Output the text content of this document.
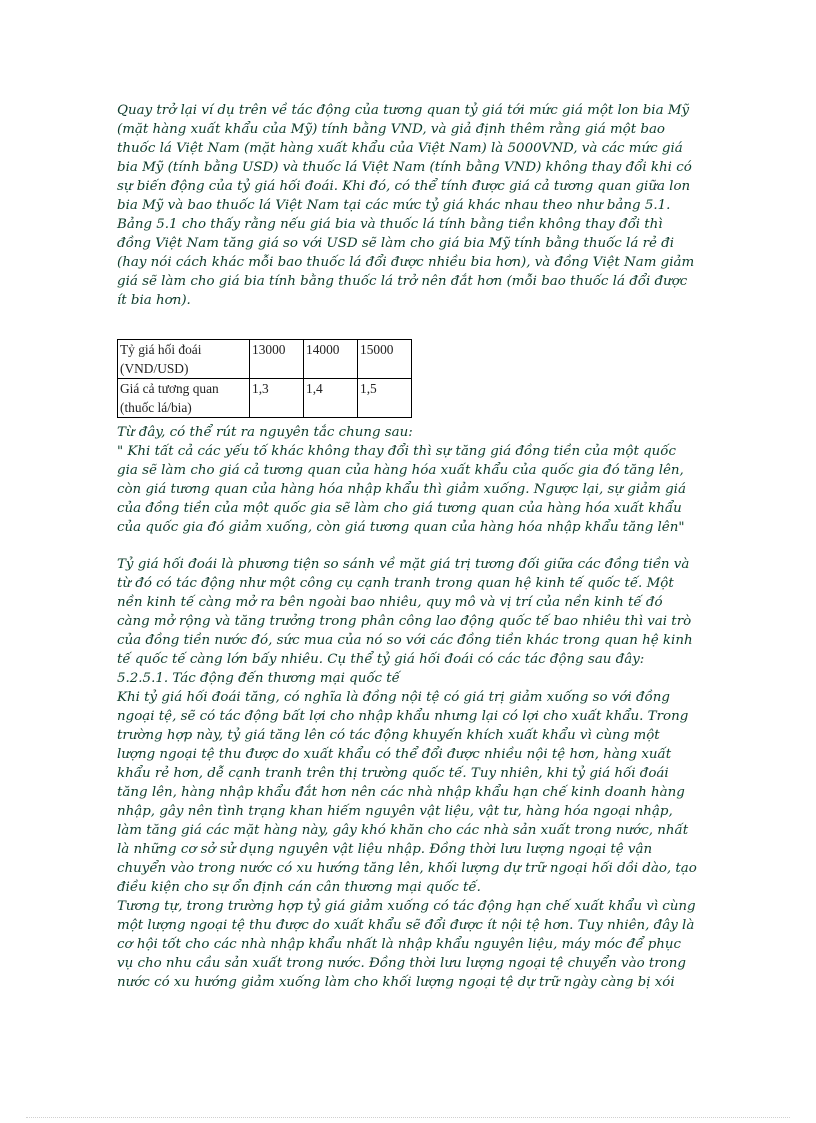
Quay trở lại ví dụ trên về tác động của tương quan tỷ giá tới mức giá một lon bia Mỹ (mặt hàng xuất khẩu của Mỹ) tính bằng VND, và giả định thêm rằng giá một bao thuốc lá Việt Nam (mặt hàng xuất khẩu của Việt Nam) là 5000VND, và các mức giá bia Mỹ (tính bằng USD) và thuốc lá Việt Nam (tính bằng VND) không thay đổi khi có sự biến động của tỷ giá hối đoái. Khi đó, có thể tính được giá cả tương quan giữa lon bia Mỹ và bao thuốc lá Việt Nam tại các mức tỷ giá khác nhau theo như bảng 5.1. Bảng 5.1 cho thấy rằng nếu giá bia và thuốc lá tính bằng tiền không thay đổi thì đồng Việt Nam tăng giá so với USD sẽ làm cho giá bia Mỹ tính bằng thuốc lá rẻ đi (hay nói cách khác mỗi bao thuốc lá đổi được nhiều bia hơn), và đồng Việt Nam giảm giá sẽ làm cho giá bia tính bằng thuốc lá trở nên đắt hơn (mỗi bao thuốc lá đổi được ít bia hơn).

Tỷ giá hối đoái (VND/USD)	13000	14000	15000
Giá cả tương quan (thuốc lá/bia)	1,3	1,4	1,5
Từ đây, có thể rút ra nguyên tắc chung sau:
" Khi tất cả các yếu tố khác không thay đổi thì sự tăng giá đồng tiền của một quốc gia sẽ làm cho giá cả tương quan của hàng hóa xuất khẩu của quốc gia đó tăng lên, còn giá tương quan của hàng hóa nhập khẩu thì giảm xuống. Ngược lại, sự giảm giá của đồng tiền của một quốc gia sẽ làm cho giá tương quan của hàng hóa xuất khẩu của quốc gia đó giảm xuống, còn giá tương quan của hàng hóa nhập khẩu tăng lên"
Tỷ giá hối đoái là phương tiện so sánh về mặt giá trị tương đối giữa các đồng tiền và từ đó có tác động như một công cụ cạnh tranh trong quan hệ kinh tế quốc tế. Một nền kinh tế càng mở ra bên ngoài bao nhiêu, quy mô và vị trí của nền kinh tế đó càng mở rộng và tăng trưởng trong phân công lao động quốc tế bao nhiêu thì vai trò của đồng tiền nước đó, sức mua của nó so với các đồng tiền khác trong quan hệ kinh tế quốc tế càng lớn bấy nhiêu. Cụ thể tỷ giá hối đoái có các tác động sau đây:
5.2.5.1. Tác động đến thương mại quốc tế
Khi tỷ giá hối đoái tăng, có nghĩa là đồng nội tệ có giá trị giảm xuống so với đồng ngoại tệ, sẽ có tác động bất lợi cho nhập khẩu nhưng lại có lợi cho xuất khẩu. Trong trường hợp này, tỷ giá tăng lên có tác động khuyến khích xuất khẩu vì cùng một lượng ngoại tệ thu được do xuất khẩu có thể đổi được nhiều nội tệ hơn, hàng xuất khẩu rẻ hơn, dễ cạnh tranh trên thị trường quốc tế. Tuy nhiên, khi tỷ giá hối đoái tăng lên, hàng nhập khẩu đắt hơn nên các nhà nhập khẩu hạn chế kinh doanh hàng nhập, gây nên tình trạng khan hiếm nguyên vật liệu, vật tư, hàng hóa ngoại nhập, làm tăng giá các mặt hàng này, gây khó khăn cho các nhà sản xuất trong nước, nhất là những cơ sở sử dụng nguyên vật liệu nhập. Đồng thời lưu lượng ngoại tệ vận chuyển vào trong nước có xu hướng tăng lên, khối lượng dự trữ ngoại hối dồi dào, tạo điều kiện cho sự ổn định cán cân thương mại quốc tế.
Tương tự, trong trường hợp tỷ giá giảm xuống có tác động hạn chế xuất khẩu vì cùng một lượng ngoại tệ thu được do xuất khẩu sẽ đổi được ít nội tệ hơn. Tuy nhiên, đây là cơ hội tốt cho các nhà nhập khẩu nhất là nhập khẩu nguyên liệu, máy móc để phục vụ cho nhu cầu sản xuất trong nước. Đồng thời lưu lượng ngoại tệ chuyển vào trong nước có xu hướng giảm xuống làm cho khối lượng ngoại tệ dự trữ ngày càng bị xói
